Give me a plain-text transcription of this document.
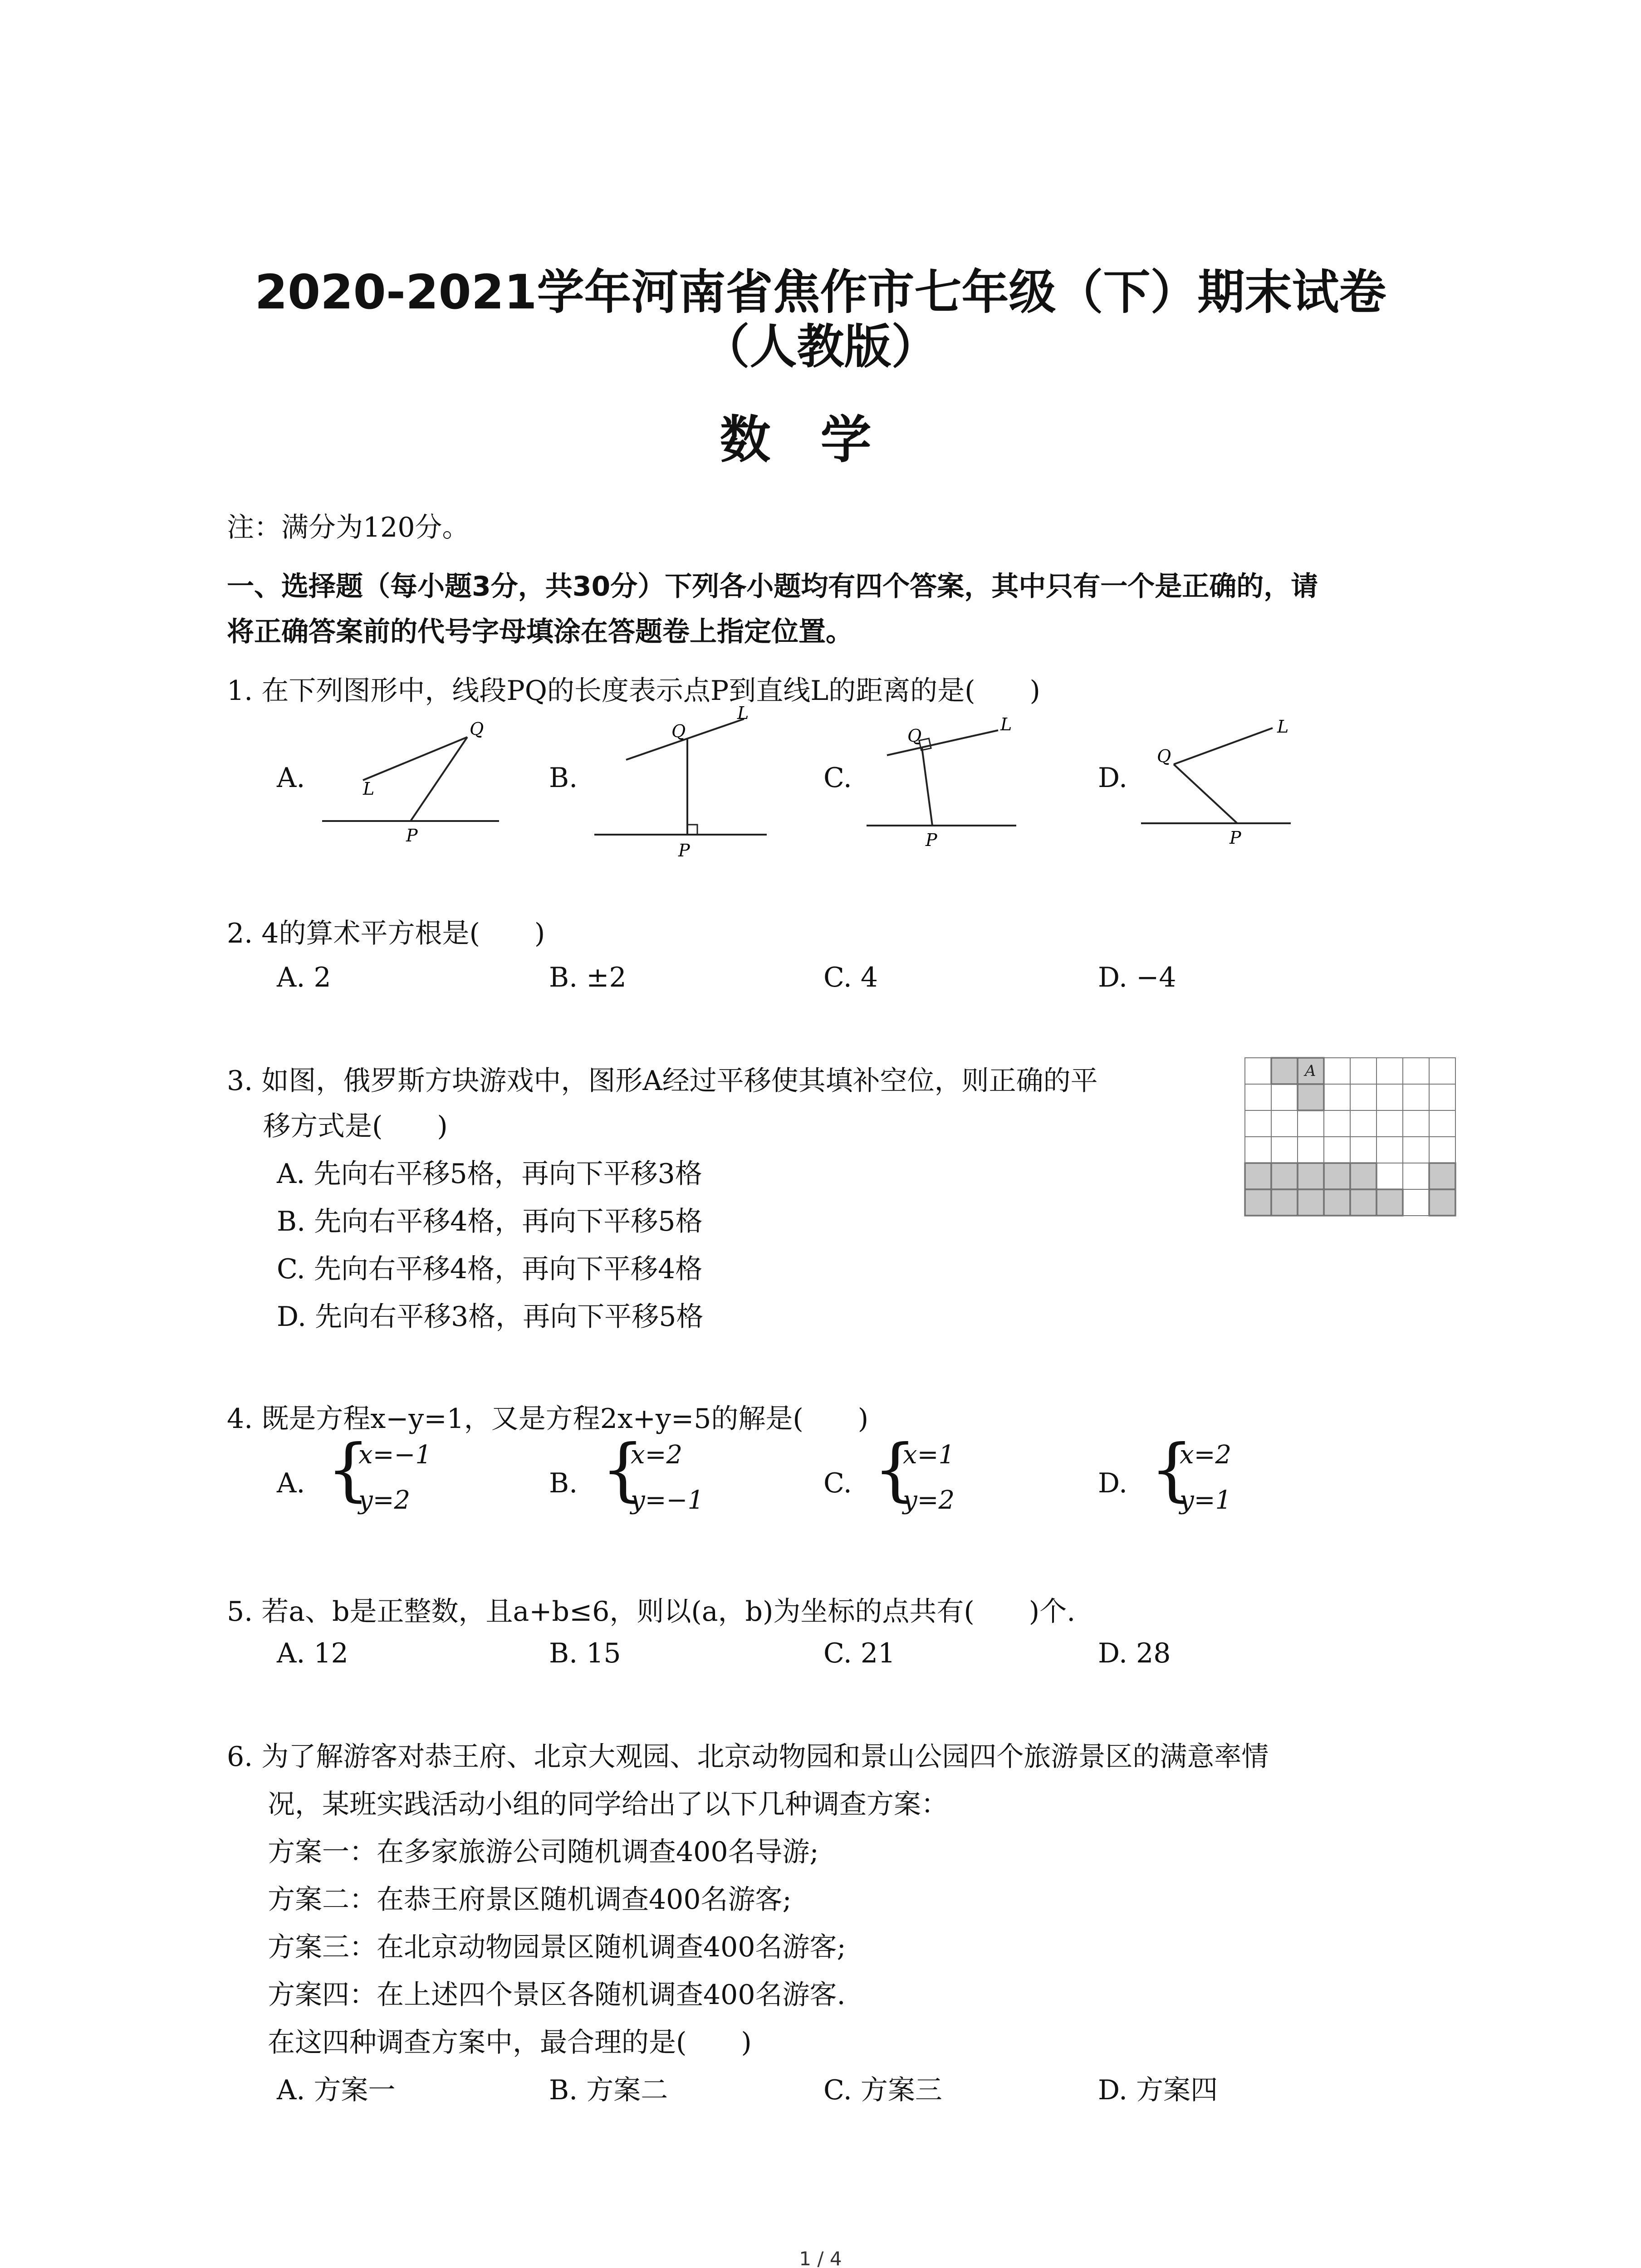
2020-2021学年河南省焦作市七年级（下）期末试卷
（人教版）
数学
注：满分为120分。
一、选择题（每小题3分，共30分）下列各小题均有四个答案，其中只有一个是正确的，请
将正确答案前的代号字母填涂在答题卷上指定位置。
1. 在下列图形中，线段PQ的长度表示点P到直线L的距离的是(　　)
A.	B.	C.	D.
Q
L
P
Q
L
P
Q
L
P
Q
L
P
2. 4的算术平方根是(　　)
A. 2	B. ±2	C. 4	D. −4
3. 如图，俄罗斯方块游戏中，图形A经过平移使其填补空位，则正确的平
移方式是(　　)
A. 先向右平移5格，再向下平移3格
B. 先向右平移4格，再向下平移5格
C. 先向右平移4格，再向下平移4格
D. 先向右平移3格，再向下平移5格
A
4. 既是方程x−y=1，又是方程2x+y=5的解是(　　)
A. {
x=−1
y=2
B. {
x=2
y=−1
C. {
x=1
y=2
D. {
x=2
y=1
5. 若a、b是正整数，且a+b≤6，则以(a，b)为坐标的点共有(　　)个.
A. 12	B. 15	C. 21	D. 28
6. 为了解游客对恭王府、北京大观园、北京动物园和景山公园四个旅游景区的满意率情
况，某班实践活动小组的同学给出了以下几种调查方案：
方案一：在多家旅游公司随机调查400名导游;
方案二：在恭王府景区随机调查400名游客;
方案三：在北京动物园景区随机调查400名游客;
方案四：在上述四个景区各随机调查400名游客.
在这四种调查方案中，最合理的是(　　)
A. 方案一	B. 方案二	C. 方案三	D. 方案四
1 / 4
